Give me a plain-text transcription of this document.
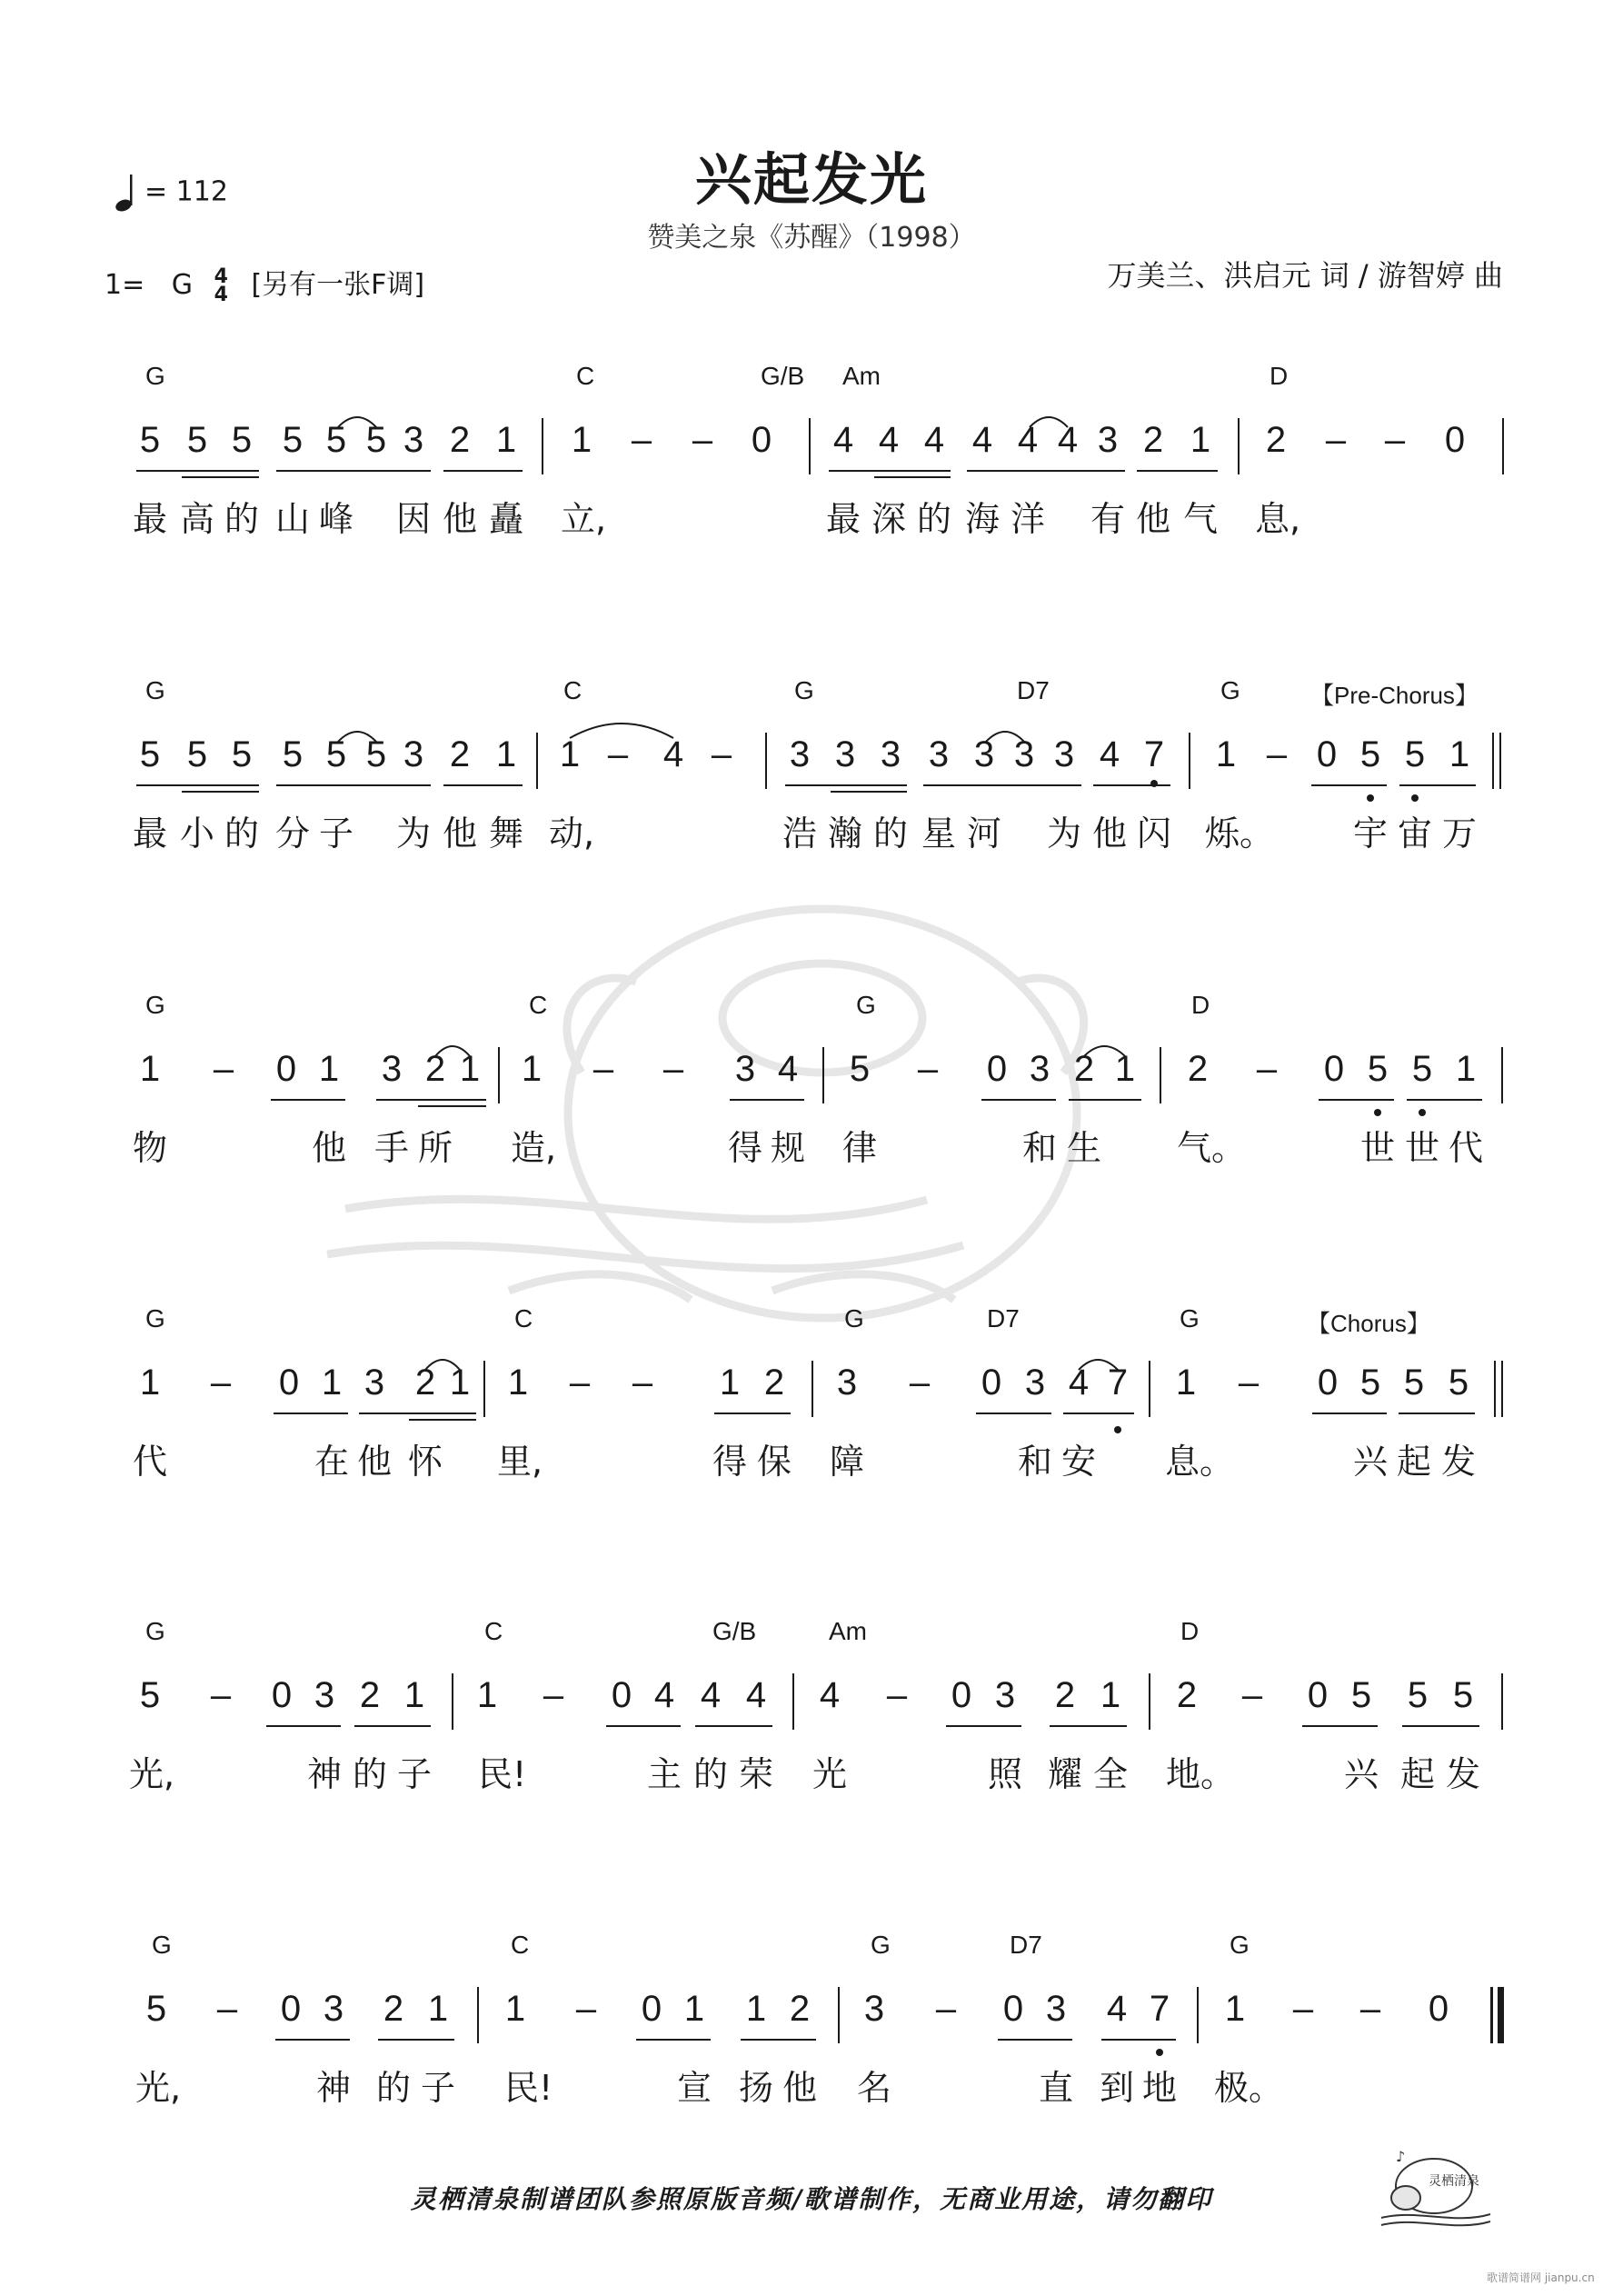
兴起发光
赞美之泉《苏醒》（1998）
= 112
1= G 4
4 [另有一张F调]	万美兰、洪启元 词 / 游智婷 曲
♪
灵栖清泉
G	C	G/B Am	D
5 5 5 5 5 5 3 2 1 1 – – 0 4 4 4 4 4 4 3 2 1 2 – – 0
最 高 的 山 峰 因 他 矗 立,	最 深 的 海 洋 有 他 气 息,
G	C	G	D7	G	【Pre-Chorus】
5 5 5 5 5 5 3 2 1 1 – 4 – 3 3 3 3 3 3 3 4 7 1 – 0 5 5 1
最 小 的 分 子 为 他 舞 动,	浩 瀚 的 星 河 为 他 闪 烁。 宇 宙 万
G	C	G	D
1 – 0 1 3 2 1 1 – – 3 4 5 – 0 3 2 1 2 – 0 5 5 1
物	他 手 所 造,	得 规 律	和 生 气。	世 世 代
G	C	G	D7	G	【Chorus】
1 – 0 1 3 2 1 1 – – 1 2 3 – 0 3 4 7 1 – 0 5 5 5
代	在 他 怀 里,	得 保 障	和 安 息。	兴 起 发
G	C	G/B	Am	D
5 – 0 3 2 1 1 – 0 4 4 4 4 – 0 3 2 1 2 – 0 5 5 5
光,	神 的 子 民!	主 的 荣 光	照 耀 全 地。	兴 起 发
G	C	G	D7	G
5 – 0 3 2 1 1 – 0 1 1 2 3 – 0 3 4 7 1 – – 0
光,	神 的 子 民!	宣 扬 他 名	直 到 地 极。
灵栖清泉制谱团队参照原版音频/歌谱制作，无商业用途，请勿翻印
歌谱简谱网 jianpu.cn
